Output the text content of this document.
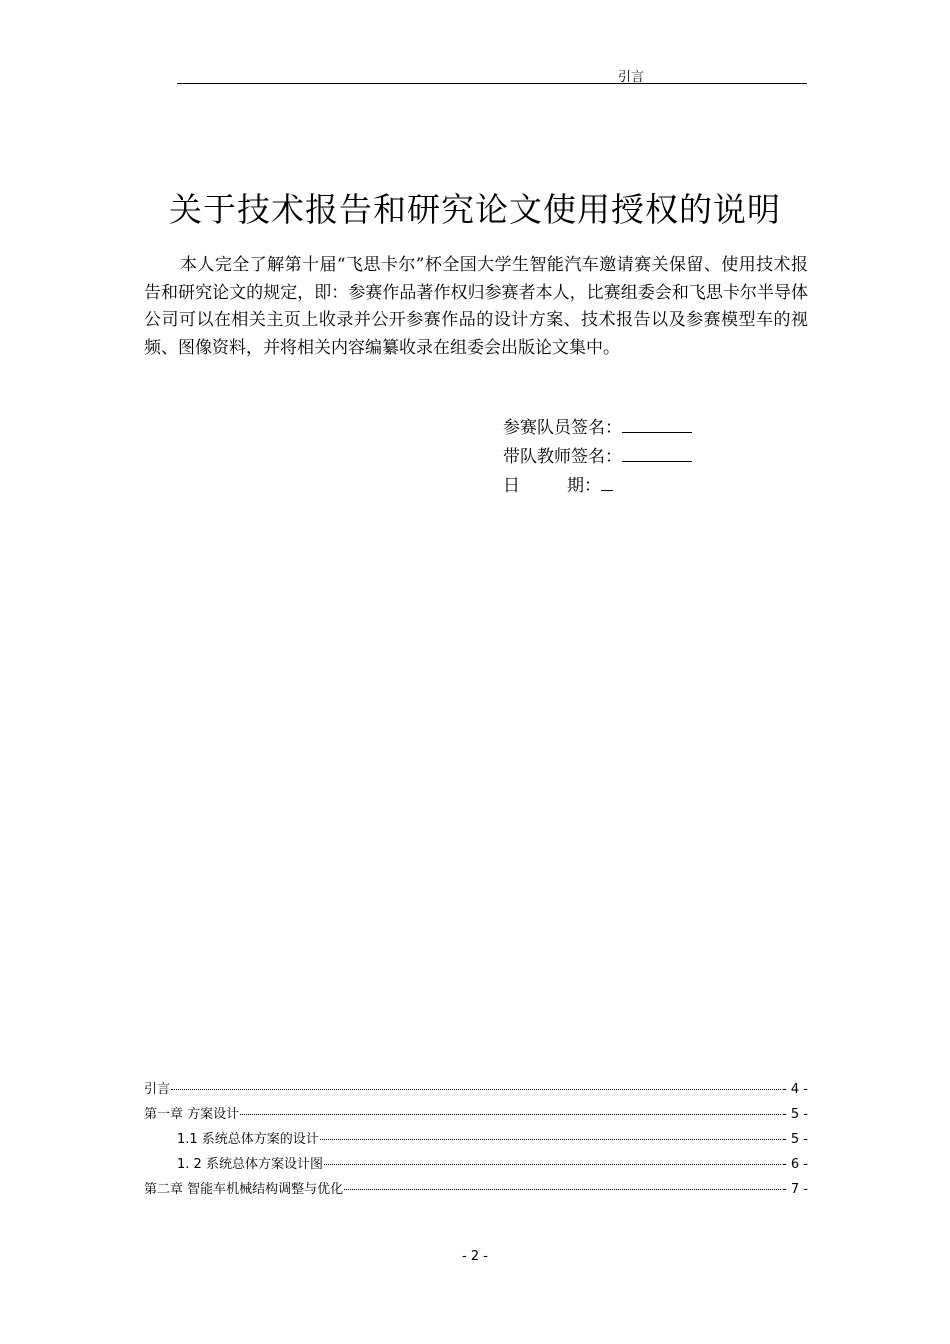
引言
关于技术报告和研究论文使用授权的说明

本人完全了解第十届“飞思卡尔”杯全国大学生智能汽车邀请赛关保留、使用技术报告和研究论文的规定，即：参赛作品著作权归参赛者本人，比赛组委会和飞思卡尔半导体公司可以在相关主页上收录并公开参赛作品的设计方案、技术报告以及参赛模型车的视频、图像资料，并将相关内容编纂收录在组委会出版论文集中。

参赛队员签名：
带队教师签名：
日	期：
引言	- 4 -
第一章 方案设计	- 5 -
1.1 系统总体方案的设计	- 5 -
1. 2 系统总体方案设计图	- 6 -
第二章 智能车机械结构调整与优化	- 7 -
- 2 -
